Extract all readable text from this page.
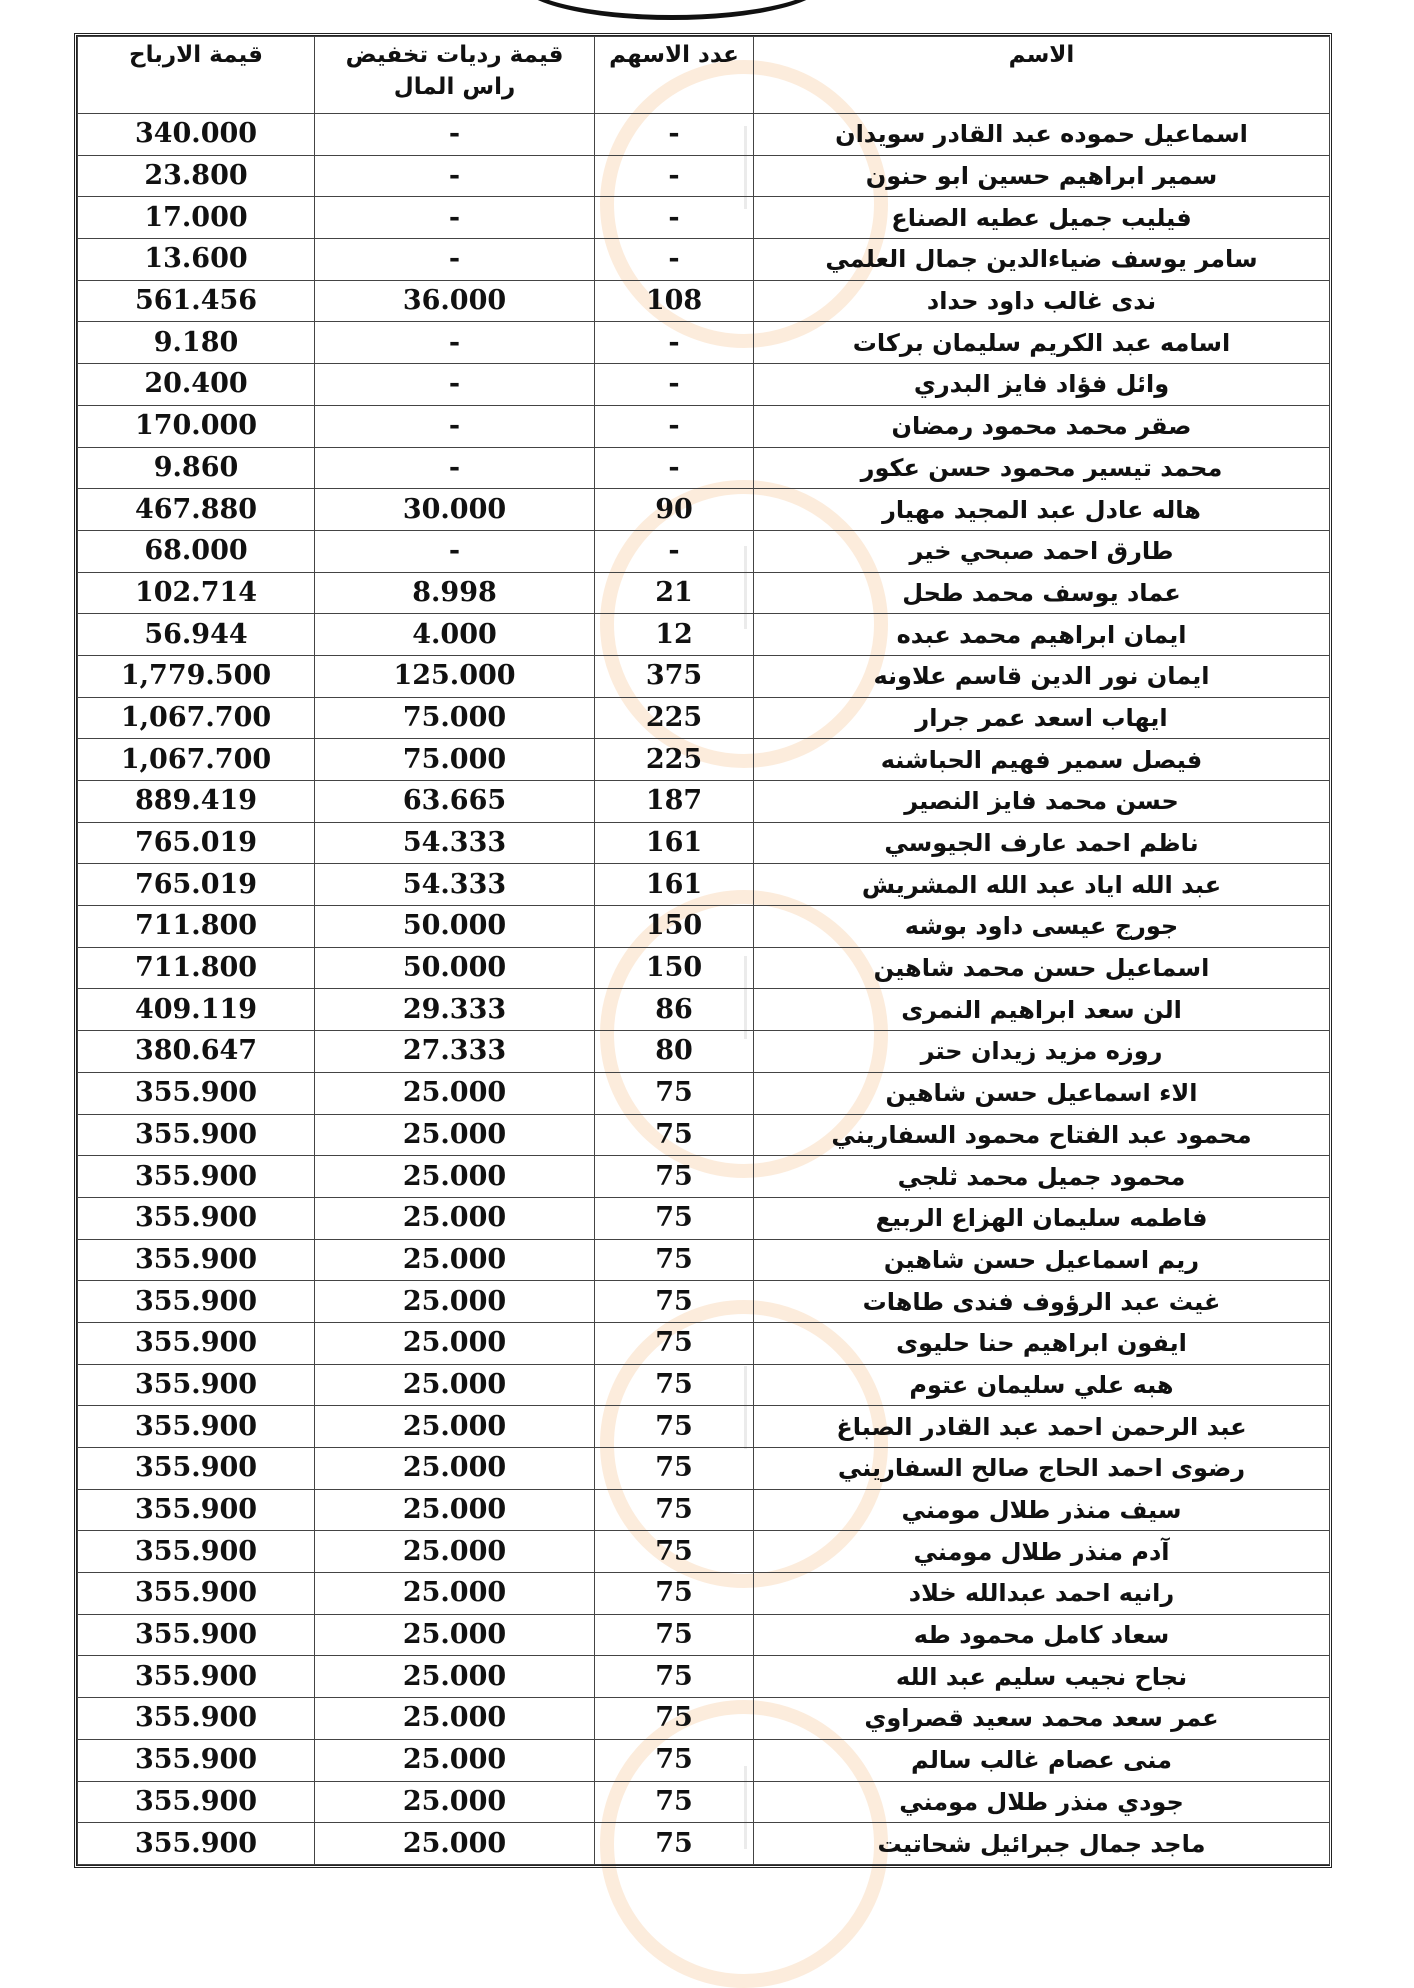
الاسم	عدد الاسهم	قيمة رديات تخفيض راس المال	قيمة الارباح
اسماعيل حموده عبد القادر سويدان	-	-	340.000
سمير ابراهيم حسين ابو حنون	-	-	23.800
فيليب جميل عطيه الصناع	-	-	17.000
سامر يوسف ضياءالدين جمال العلمي	-	-	13.600
ندى غالب داود حداد	108	36.000	561.456
اسامه عبد الكريم سليمان بركات	-	-	9.180
وائل فؤاد فايز البدري	-	-	20.400
صقر محمد محمود رمضان	-	-	170.000
محمد تيسير محمود حسن عكور	-	-	9.860
هاله عادل عبد المجيد مهيار	90	30.000	467.880
طارق احمد صبحي خير	-	-	68.000
عماد يوسف محمد طحل	21	8.998	102.714
ايمان ابراهيم محمد عبده	12	4.000	56.944
ايمان نور الدين قاسم علاونه	375	125.000	1,779.500
ايهاب اسعد عمر جرار	225	75.000	1,067.700
فيصل سمير فهيم الحباشنه	225	75.000	1,067.700
حسن محمد فايز النصير	187	63.665	889.419
ناظم احمد عارف الجيوسي	161	54.333	765.019
عبد الله اياد عبد الله المشريش	161	54.333	765.019
جورج عيسى داود بوشه	150	50.000	711.800
اسماعيل حسن محمد شاهين	150	50.000	711.800
الن سعد ابراهيم النمرى	86	29.333	409.119
روزه مزيد زيدان حتر	80	27.333	380.647
الاء اسماعيل حسن شاهين	75	25.000	355.900
محمود عبد الفتاح محمود السفاريني	75	25.000	355.900
محمود جميل محمد ثلجي	75	25.000	355.900
فاطمه سليمان الهزاع الربيع	75	25.000	355.900
ريم اسماعيل حسن شاهين	75	25.000	355.900
غيث عبد الرؤوف فندى طاهات	75	25.000	355.900
ايفون ابراهيم حنا حليوى	75	25.000	355.900
هبه علي سليمان عتوم	75	25.000	355.900
عبد الرحمن احمد عبد القادر الصباغ	75	25.000	355.900
رضوى احمد الحاج صالح السفاريني	75	25.000	355.900
سيف منذر طلال مومني	75	25.000	355.900
آدم منذر طلال مومني	75	25.000	355.900
رانيه احمد عبدالله خلاد	75	25.000	355.900
سعاد كامل محمود طه	75	25.000	355.900
نجاح نجيب سليم عبد الله	75	25.000	355.900
عمر سعد محمد سعيد قصراوي	75	25.000	355.900
منى عصام غالب سالم	75	25.000	355.900
جودي منذر طلال مومني	75	25.000	355.900
ماجد جمال جبرائيل شحاتيت	75	25.000	355.900
